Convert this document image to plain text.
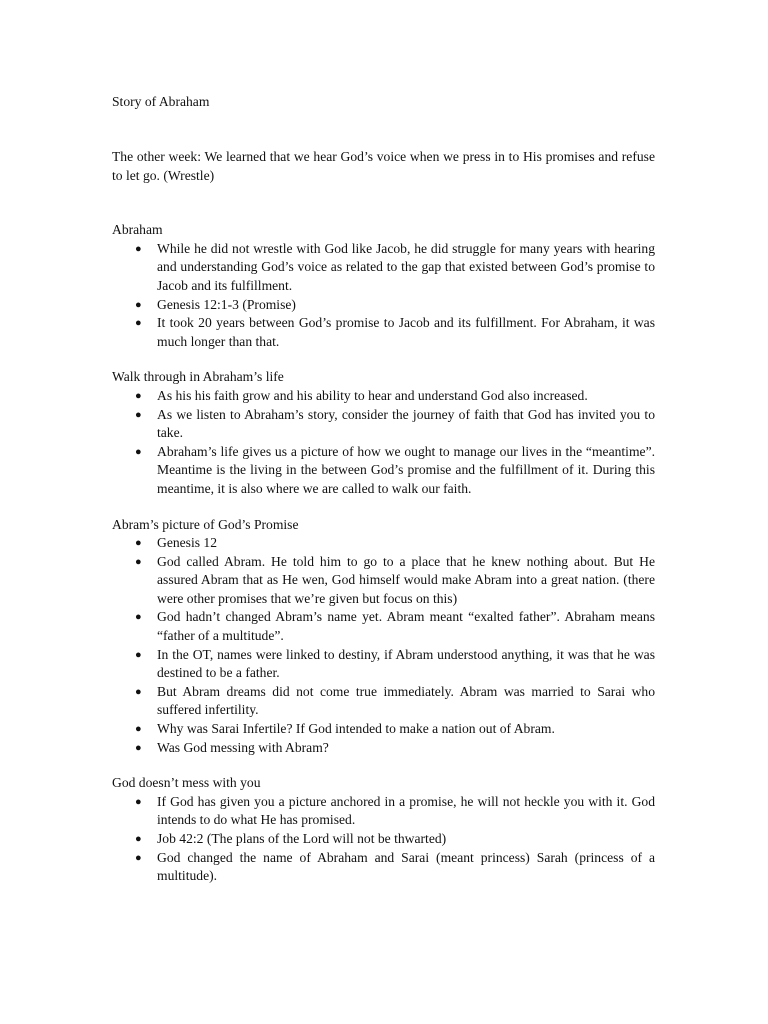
Story of Abraham

The other week: We learned that we hear God’s voice when we press in to His promises and refuse to let go. (Wrestle)

Abraham

● While he did not wrestle with God like Jacob, he did struggle for many years with hearing and understanding God’s voice as related to the gap that existed between God’s promise to Jacob and its fulfillment.
● Genesis 12:1-3 (Promise)
● It took 20 years between God’s promise to Jacob and its fulfillment. For Abraham, it was much longer than that.

Walk through in Abraham’s life

● As his his faith grow and his ability to hear and understand God also increased.
● As we listen to Abraham’s story, consider the journey of faith that God has invited you to take.
● Abraham’s life gives us a picture of how we ought to manage our lives in the “meantime”. Meantime is the living in the between God’s promise and the fulfillment of it. During this meantime, it is also where we are called to walk our faith.

Abram’s picture of God’s Promise

● Genesis 12
● God called Abram. He told him to go to a place that he knew nothing about. But He assured Abram that as He wen, God himself would make Abram into a great nation. (there were other promises that we’re given but focus on this)
● God hadn’t changed Abram’s name yet. Abram meant “exalted father”. Abraham means “father of a multitude”.
● In the OT, names were linked to destiny, if Abram understood anything, it was that he was destined to be a father.
● But Abram dreams did not come true immediately. Abram was married to Sarai who suffered infertility.
● Why was Sarai Infertile? If God intended to make a nation out of Abram.
● Was God messing with Abram?

God doesn’t mess with you

● If God has given you a picture anchored in a promise, he will not heckle you with it. God intends to do what He has promised.
● Job 42:2 (The plans of the Lord will not be thwarted)
● God changed the name of Abraham and Sarai (meant princess) Sarah (princess of a multitude).
